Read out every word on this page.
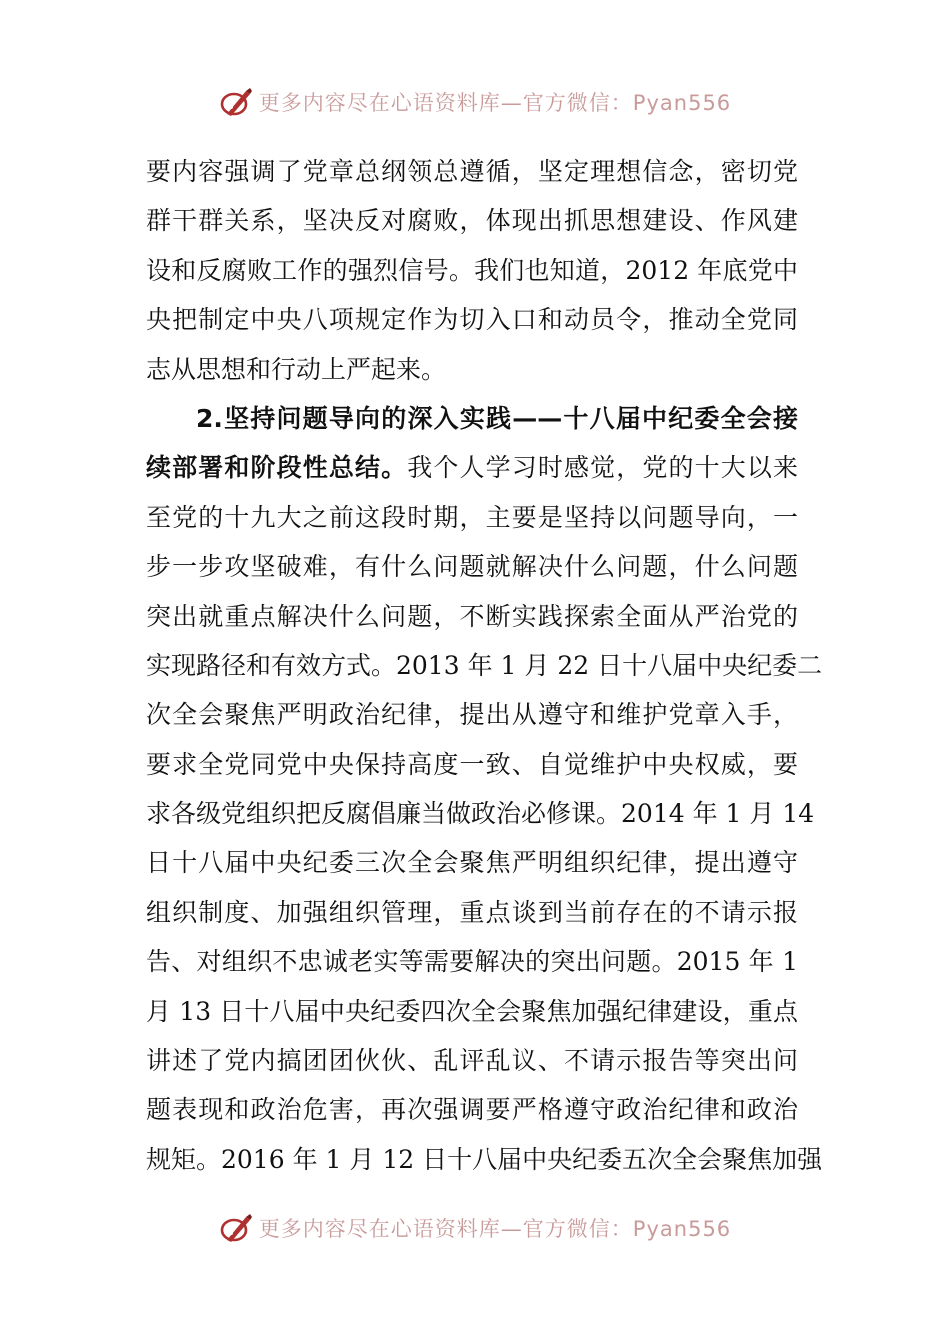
更多内容尽在心语资料库—官方微信：Pyan556
要内容强调了党章总纲领总遵循，坚定理想信念，密切党
群干群关系，坚决反对腐败，体现出抓思想建设、作风建
设和反腐败工作的强烈信号。我们也知道，2012 年底党中
央把制定中央八项规定作为切入口和动员令，推动全党同
志从思想和行动上严起来。
2.坚持问题导向的深入实践——十八届中纪委全会接
续部署和阶段性总结。我个人学习时感觉，党的十大以来
至党的十九大之前这段时期，主要是坚持以问题导向，一
步一步攻坚破难，有什么问题就解决什么问题，什么问题
突出就重点解决什么问题，不断实践探索全面从严治党的
实现路径和有效方式。2013 年 1 月 22 日十八届中央纪委二
次全会聚焦严明政治纪律，提出从遵守和维护党章入手，
要求全党同党中央保持高度一致、自觉维护中央权威，要
求各级党组织把反腐倡廉当做政治必修课。2014 年 1 月 14
日十八届中央纪委三次全会聚焦严明组织纪律，提出遵守
组织制度、加强组织管理，重点谈到当前存在的不请示报
告、对组织不忠诚老实等需要解决的突出问题。2015 年 1
月 13 日十八届中央纪委四次全会聚焦加强纪律建设，重点
讲述了党内搞团团伙伙、乱评乱议、不请示报告等突出问
题表现和政治危害，再次强调要严格遵守政治纪律和政治
规矩。2016 年 1 月 12 日十八届中央纪委五次全会聚焦加强
更多内容尽在心语资料库—官方微信：Pyan556
